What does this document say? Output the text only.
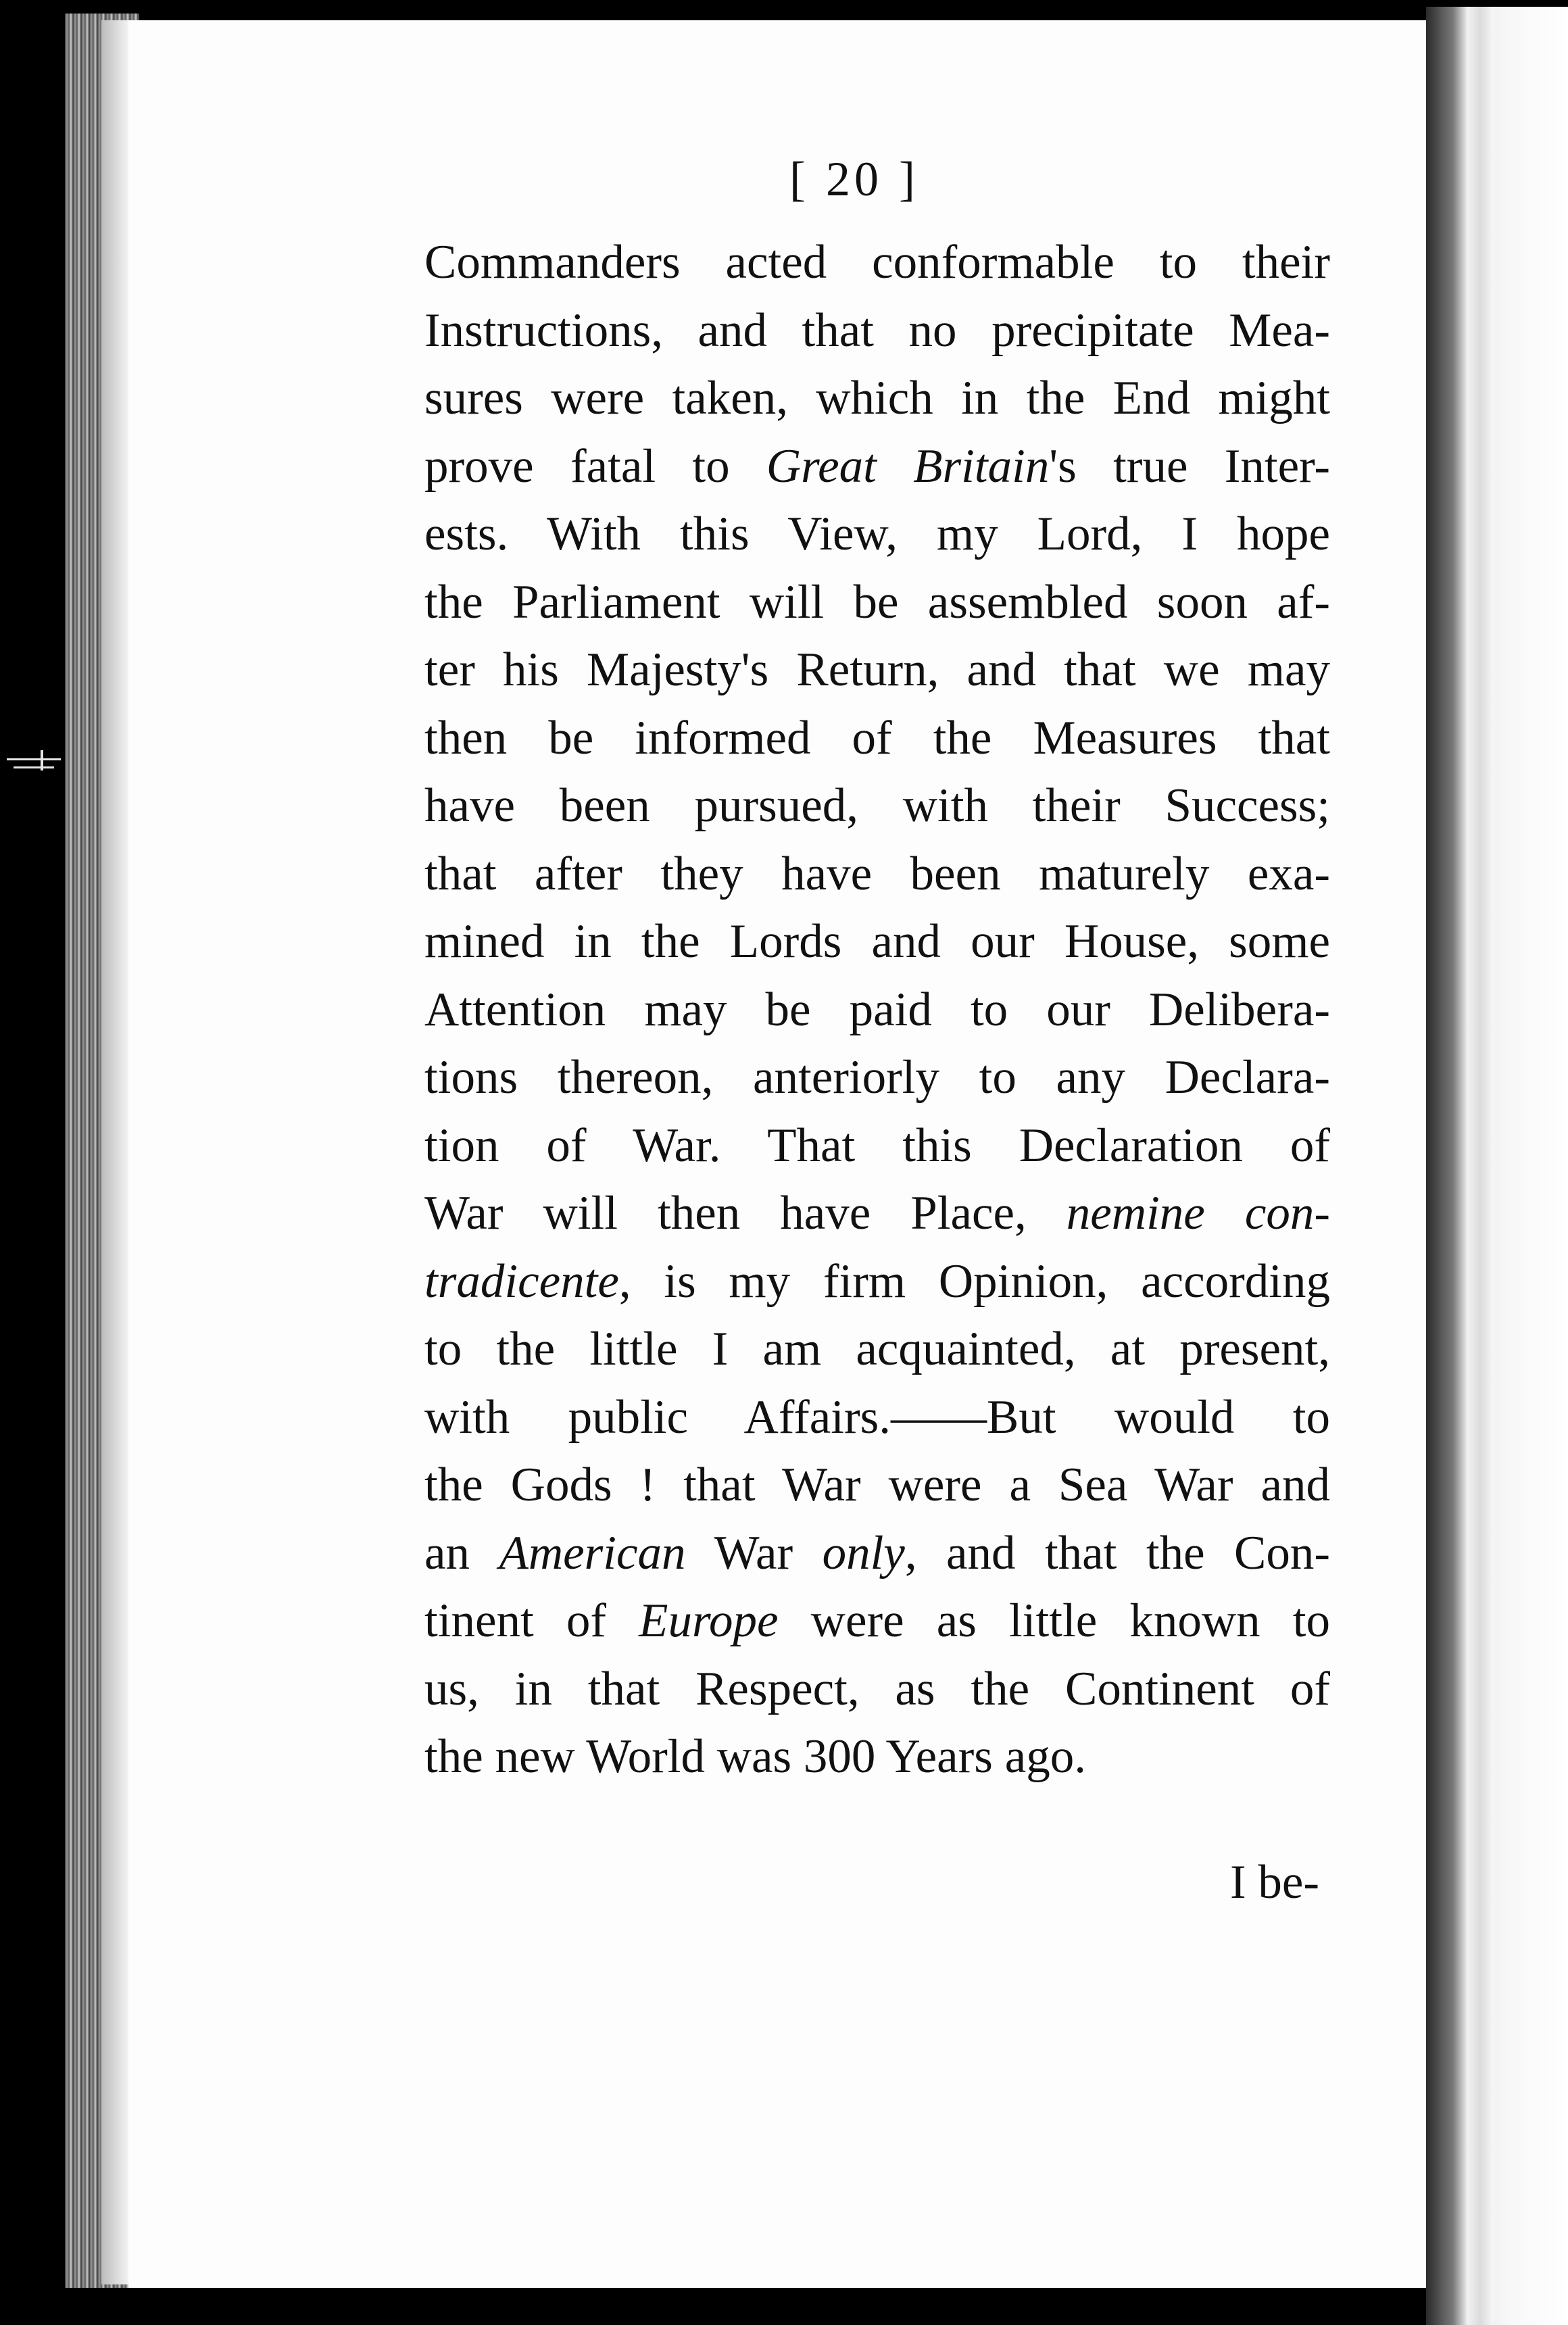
[ 20 ]
Commanders acted conformable to their
Instructions, and that no precipitate Mea-
sures were taken, which in the End might
prove fatal to Great Britain's true Inter-
ests. With this View, my Lord, I hope
the Parliament will be assembled soon af-
ter his Majesty's Return, and that we may
then be informed of the Measures that
have been pursued, with their Success;
that after they have been maturely exa-
mined in the Lords and our House, some
Attention may be paid to our Delibera-
tions thereon, anteriorly to any Declara-
tion of War. That this Declaration of
War will then have Place, nemine con-
tradicente, is my firm Opinion, according
to the little I am acquainted, at present,
with public Affairs.——But would to
the Gods ! that War were a Sea War and
an American War only, and that the Con-
tinent of Europe were as little known to
us, in that Respect, as the Continent of
the new World was 300 Years ago.
I be-
